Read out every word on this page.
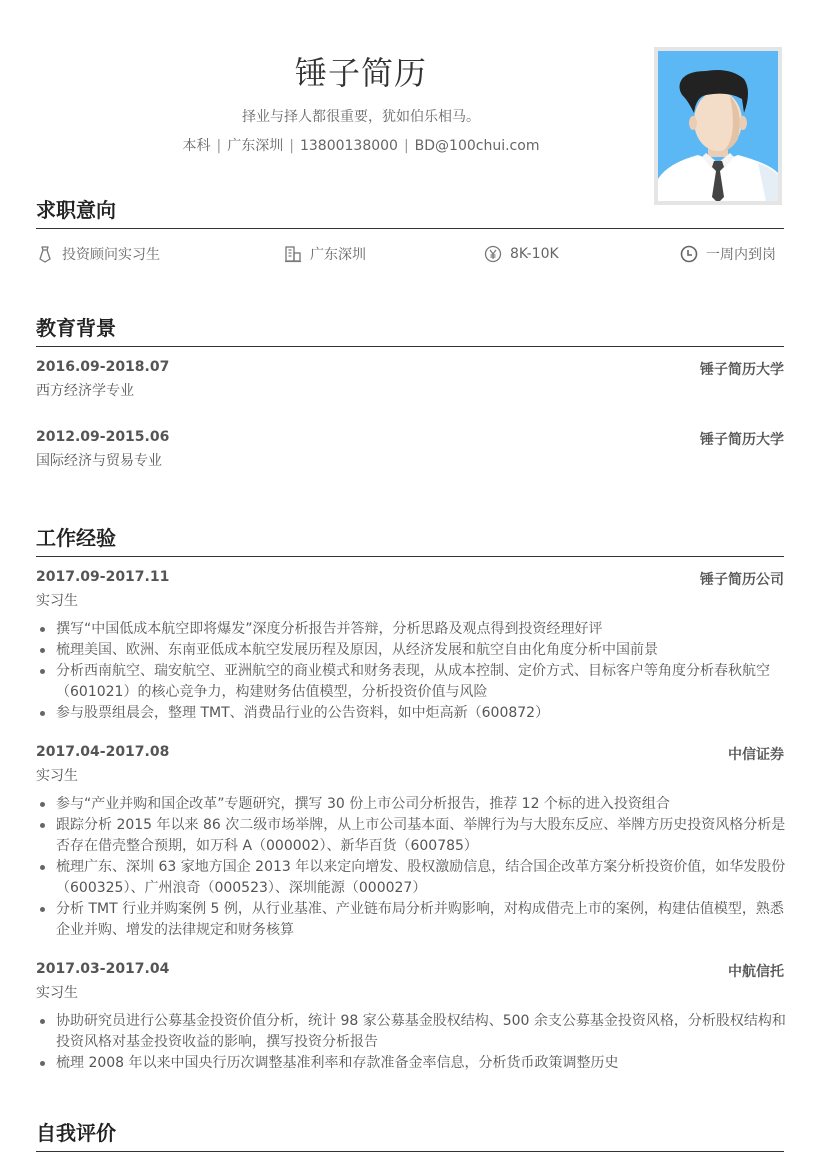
锤子简历
择业与择人都很重要，犹如伯乐相马。
本科 | 广东深圳 | 13800138000 | BD@100chui.com
求职意向
投资顾问实习生	广东深圳	8K-10K	一周内到岗
教育背景
2016.09-2018.07	锤子简历大学
西方经济学专业
2012.09-2015.06	锤子简历大学
国际经济与贸易专业
工作经验
2017.09-2017.11	锤子简历公司
实习生
撰写“中国低成本航空即将爆发”深度分析报告并答辩，分析思路及观点得到投资经理好评
梳理美国、欧洲、东南亚低成本航空发展历程及原因，从经济发展和航空自由化角度分析中国前景
分析西南航空、瑞安航空、亚洲航空的商业模式和财务表现，从成本控制、定价方式、目标客户等角度分析春秋航空（601021）的核心竞争力，构建财务估值模型，分析投资价值与风险
参与股票组晨会，整理 TMT、消费品行业的公告资料，如中炬高新（600872）
2017.04-2017.08	中信证券
实习生
参与“产业并购和国企改革”专题研究，撰写 30 份上市公司分析报告，推荐 12 个标的进入投资组合
跟踪分析 2015 年以来 86 次二级市场举牌，从上市公司基本面、举牌行为与大股东反应、举牌方历史投资风格分析是否存在借壳整合预期，如万科 A（000002）、新华百货（600785）
梳理广东、深圳 63 家地方国企 2013 年以来定向增发、股权激励信息，结合国企改革方案分析投资价值，如华发股份（600325）、广州浪奇（000523）、深圳能源（000027）
分析 TMT 行业并购案例 5 例，从行业基准、产业链布局分析并购影响，对构成借壳上市的案例，构建估值模型，熟悉企业并购、增发的法律规定和财务核算
2017.03-2017.04	中航信托
实习生
协助研究员进行公募基金投资价值分析，统计 98 家公募基金股权结构、500 余支公募基金投资风格，分析股权结构和投资风格对基金投资收益的影响，撰写投资分析报告
梳理 2008 年以来中国央行历次调整基准利率和存款准备金率信息，分析货币政策调整历史
自我评价
